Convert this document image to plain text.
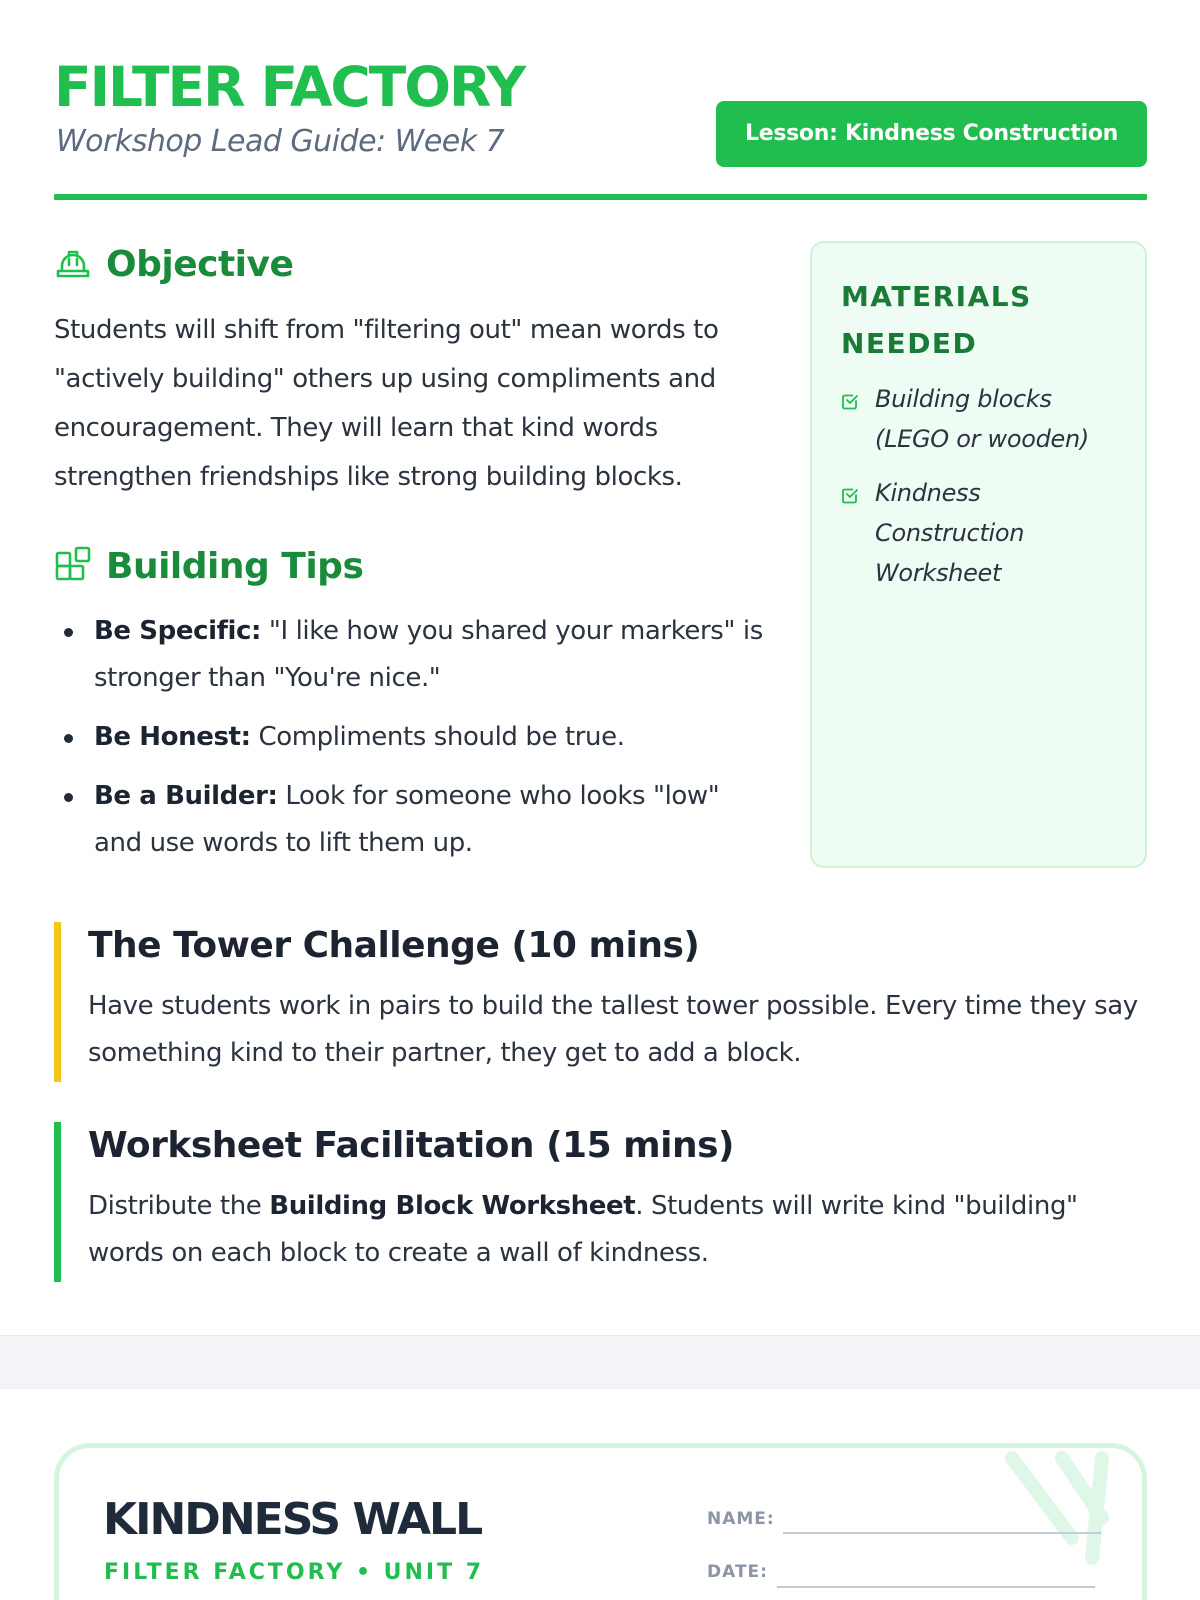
FILTER FACTORY
Workshop Lead Guide: Week 7	Lesson: Kindness Construction
Objective
Students will shift from "filtering out" mean words to "actively building" others up using compliments and encouragement. They will learn that kind words strengthen friendships like strong building blocks.
Building Tips
Be Specific: "I like how you shared your markers" is stronger than "You're nice."
Be Honest: Compliments should be true.
Be a Builder: Look for someone who looks "low" and use words to lift them up.
MATERIALS NEEDED
Building blocks (LEGO or wooden)
Kindness Construction Worksheet
The Tower Challenge (10 mins)

Have students work in pairs to build the tallest tower possible. Every time they say something kind to their partner, they get to add a block.

Worksheet Facilitation (15 mins)

Distribute the Building Block Worksheet. Students will write kind "building" words on each block to create a wall of kindness.

KINDNESS WALL
FILTER FACTORY • UNIT 7
NAME:
DATE:
